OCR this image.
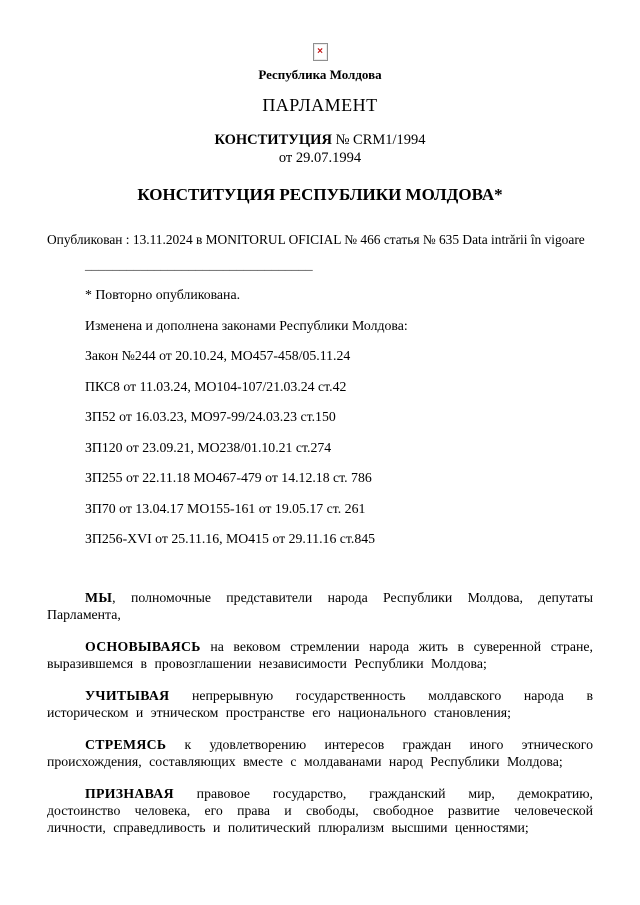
×
Республика Молдова
ПАРЛАМЕНТ
КОНСТИТУЦИЯ № CRM1/1994
от 29.07.1994
КОНСТИТУЦИЯ РЕСПУБЛИКИ МОЛДОВА*
Опубликован : 13.11.2024 в MONITORUL OFICIAL № 466 статья № 635 Data intrării în vigoare
_________________________________
* Повторно опубликована.
Изменена и дополнена законами Республики Молдова:
Закон №244 от 20.10.24, МО457-458/05.11.24
ПКС8 от 11.03.24, МО104-107/21.03.24 ст.42
ЗП52 от 16.03.23, МО97-99/24.03.23 ст.150
ЗП120 от 23.09.21, МО238/01.10.21 ст.274
ЗП255 от 22.11.18 МО467-479 от 14.12.18 ст. 786
ЗП70 от 13.04.17 МО155-161 от 19.05.17 ст. 261
ЗП256-XVI от 25.11.16, МО415 от 29.11.16 ст.845

МЫ, полномочные представители народа Республики Молдова, депутаты Парламента,

ОСНОВЫВАЯСЬ на вековом стремлении народа жить в суверенной стране, выразившемся в провозглашении независимости Республики Молдова;

УЧИТЫВАЯ непрерывную государственность молдавского народа в историческом и этническом пространстве его национального становления;

СТРЕМЯСЬ к удовлетворению интересов граждан иного этнического происхождения, составляющих вместе с молдаванами народ Республики Молдова;

ПРИЗНАВАЯ правовое государство, гражданский мир, демократию, достоинство человека, его права и свободы, свободное развитие человеческой личности, справедливость и политический плюрализм высшими ценностями;
